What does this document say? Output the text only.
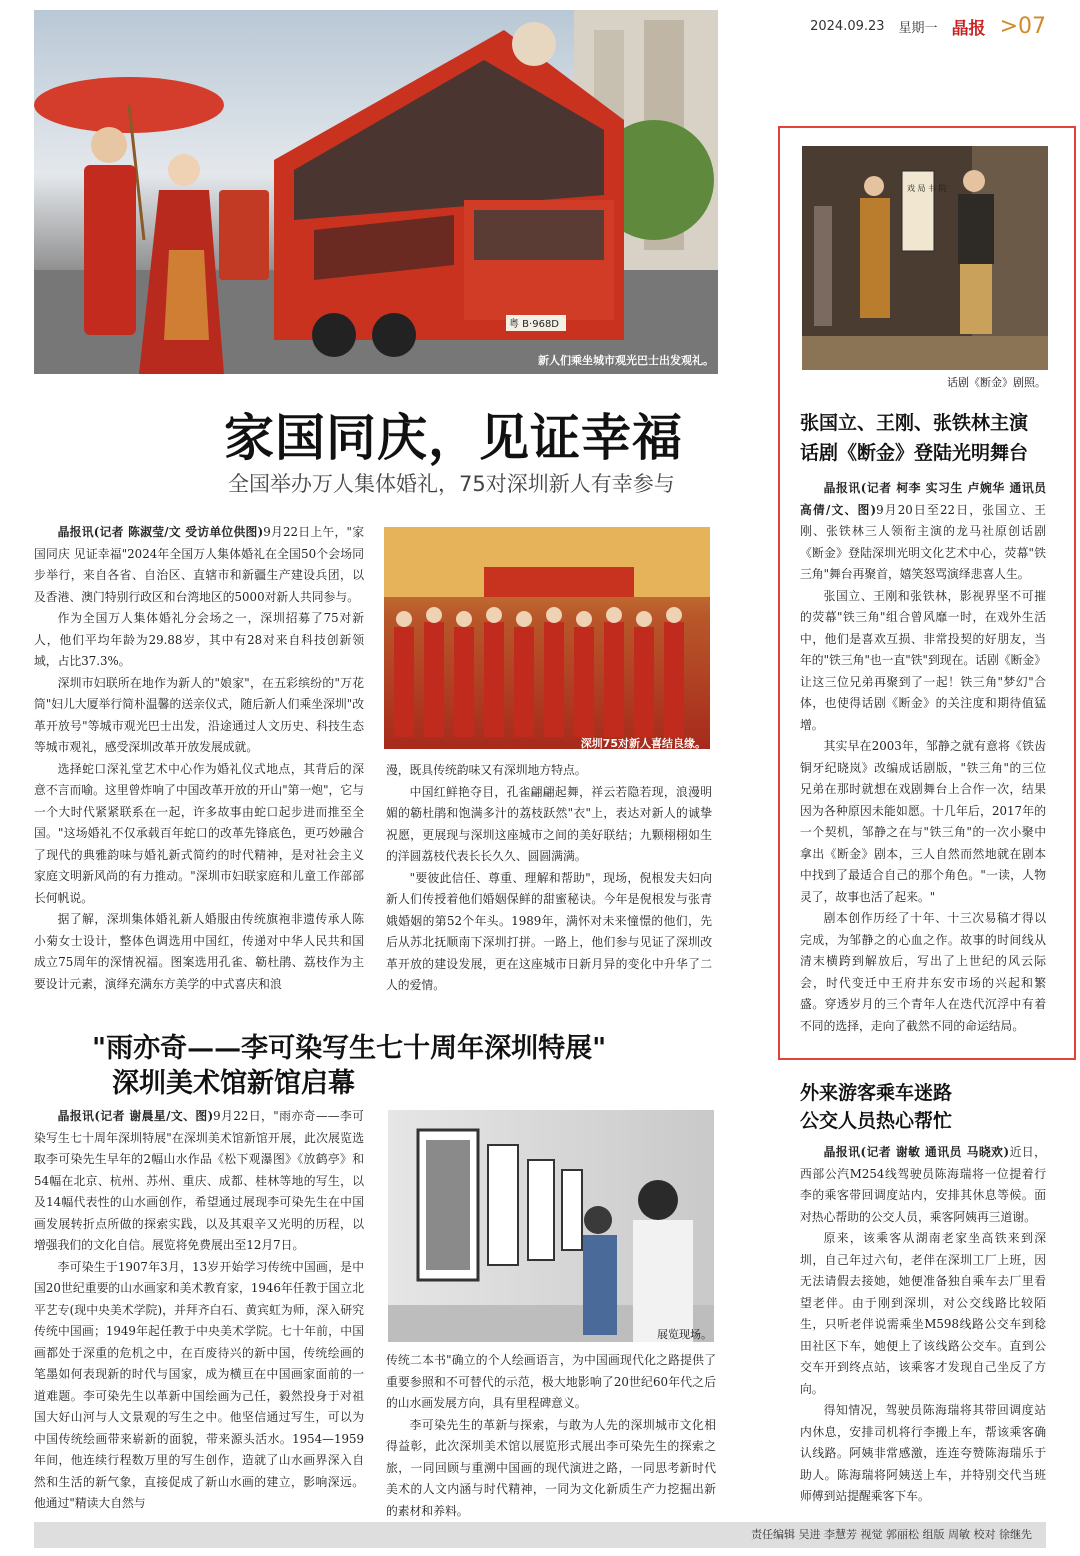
2024.09.23 星期一 晶报 >07
粤 B·968D
新人们乘坐城市观光巴士出发观礼。
家国同庆，见证幸福
全国举办万人集体婚礼，75对深圳新人有幸参与

晶报讯(记者 陈淑莹/文 受访单位供图)9月22日上午，"家国同庆 见证幸福"2024年全国万人集体婚礼在全国50个会场同步举行，来自各省、自治区、直辖市和新疆生产建设兵团，以及香港、澳门特别行政区和台湾地区的5000对新人共同参与。

作为全国万人集体婚礼分会场之一，深圳招募了75对新人，他们平均年龄为29.88岁，其中有28对来自科技创新领域，占比37.3%。

深圳市妇联所在地作为新人的"娘家"，在五彩缤纷的"万花筒"妇儿大厦举行简朴温馨的送亲仪式，随后新人们乘坐深圳"改革开放号"等城市观光巴士出发，沿途通过人文历史、科技生态等城市观礼，感受深圳改革开放发展成就。

选择蛇口深礼堂艺术中心作为婚礼仪式地点，其背后的深意不言而喻。这里曾炸响了中国改革开放的开山"第一炮"，它与一个大时代紧紧联系在一起，许多故事由蛇口起步进而推至全国。"这场婚礼不仅承载百年蛇口的改革先锋底色，更巧妙融合了现代的典雅韵味与婚礼新式简约的时代精神，是对社会主义家庭文明新风尚的有力推动。"深圳市妇联家庭和儿童工作部部长何帆说。

据了解，深圳集体婚礼新人婚服由传统旗袍非遗传承人陈小菊女士设计，整体色调选用中国红，传递对中华人民共和国成立75周年的深情祝福。图案选用孔雀、簕杜鹃、荔枝作为主要设计元素，演绎充满东方美学的中式喜庆和浪

深圳75对新人喜结良缘。

漫，既具传统韵味又有深圳地方特点。

中国红鲜艳夺目，孔雀翩翩起舞，祥云若隐若现，浪漫明媚的簕杜鹃和饱满多汁的荔枝跃然"衣"上，表达对新人的诚挚祝愿，更展现与深圳这座城市之间的美好联结；九颗栩栩如生的洋圆荔枝代表长长久久、圆圆满满。

"要彼此信任、尊重、理解和帮助"，现场，倪根发夫妇向新人们传授着他们婚姻保鲜的甜蜜秘诀。今年是倪根发与张青娥婚姻的第52个年头。1989年，满怀对未来憧憬的他们，先后从苏北抚顺南下深圳打拼。一路上，他们参与见证了深圳改革开放的建设发展，更在这座城市日新月异的变化中升华了二人的爱情。

"雨亦奇——李可染写生七十周年深圳特展"
深圳美术馆新馆启幕

晶报讯(记者 谢晨星/文、图)9月22日，"雨亦奇——李可染写生七十周年深圳特展"在深圳美术馆新馆开展，此次展览选取李可染先生早年的2幅山水作品《松下观瀑图》《放鹤亭》和54幅在北京、杭州、苏州、重庆、成都、桂林等地的写生，以及14幅代表性的山水画创作，希望通过展现李可染先生在中国画发展转折点所做的探索实践，以及其艰辛又光明的历程，以增强我们的文化自信。展览将免费展出至12月7日。

李可染生于1907年3月，13岁开始学习传统中国画，是中国20世纪重要的山水画家和美术教育家，1946年任教于国立北平艺专(现中央美术学院)，并拜齐白石、黄宾虹为师，深入研究传统中国画；1949年起任教于中央美术学院。七十年前，中国画都处于深重的危机之中，在百废待兴的新中国，传统绘画的笔墨如何表现新的时代与国家，成为横亘在中国画家面前的一道难题。李可染先生以革新中国绘画为己任，毅然投身于对祖国大好山河与人文景观的写生之中。他坚信通过写生，可以为中国传统绘画带来崭新的面貌，带来源头活水。1954—1959年间，他连续行程数万里的写生创作，造就了山水画界深入自然和生活的新气象，直接促成了新山水画的建立，影响深远。他通过"精读大自然与

展览现场。

传统二本书"确立的个人绘画语言，为中国画现代化之路提供了重要参照和不可替代的示范，极大地影响了20世纪60年代之后的山水画发展方向，具有里程碑意义。

李可染先生的革新与探索，与敢为人先的深圳城市文化相得益彰，此次深圳美术馆以展览形式展出李可染先生的探索之旅，一同回顾与重溯中国画的现代演进之路，一同思考新时代美术的人文内涵与时代精神，一同为文化新质生产力挖掘出新的素材和养料。

戏 局 书 院
话剧《断金》剧照。
张国立、王刚、张铁林主演
话剧《断金》登陆光明舞台

晶报讯(记者 柯李 实习生 卢婉华 通讯员 高倩/文、图)9月20日至22日，张国立、王刚、张铁林三人领衔主演的龙马社原创话剧《断金》登陆深圳光明文化艺术中心，荧幕"铁三角"舞台再聚首，嬉笑怒骂演绎悲喜人生。

张国立、王刚和张铁林，影视界坚不可摧的荧幕"铁三角"组合曾风靡一时，在戏外生活中，他们是喜欢互损、非常投契的好朋友，当年的"铁三角"也一直"铁"到现在。话剧《断金》让这三位兄弟再聚到了一起！铁三角"梦幻"合体，也使得话剧《断金》的关注度和期待值猛增。

其实早在2003年，邹静之就有意将《铁齿铜牙纪晓岚》改编成话剧版，"铁三角"的三位兄弟在那时就想在戏剧舞台上合作一次，结果因为各种原因未能如愿。十几年后，2017年的一个契机，邹静之在与"铁三角"的一次小聚中拿出《断金》剧本，三人自然而然地就在剧本中找到了最适合自己的那个角色。"一读，人物灵了，故事也活了起来。"

剧本创作历经了十年、十三次易稿才得以完成，为邹静之的心血之作。故事的时间线从清末横跨到解放后，写出了上世纪的风云际会，时代变迁中王府井东安市场的兴起和繁盛。穿透岁月的三个青年人在迭代沉浮中有着不同的选择，走向了截然不同的命运结局。

外来游客乘车迷路
公交人员热心帮忙

晶报讯(记者 谢敏 通讯员 马晓欢)近日，西部公汽M254线驾驶员陈海瑞将一位提着行李的乘客带回调度站内，安排其休息等候。面对热心帮助的公交人员，乘客阿姨再三道谢。

原来，该乘客从湖南老家坐高铁来到深圳，自己年过六旬，老伴在深圳工厂上班，因无法请假去接她，她便准备独自乘车去厂里看望老伴。由于刚到深圳，对公交线路比较陌生，只听老伴说需乘坐M598线路公交车到稔田社区下车，她便上了该线路公交车。直到公交车开到终点站，该乘客才发现自己坐反了方向。

得知情况，驾驶员陈海瑞将其带回调度站内休息，安排司机将行李搬上车，帮该乘客确认线路。阿姨非常感激，连连夸赞陈海瑞乐于助人。陈海瑞将阿姨送上车，并特别交代当班师傅到站提醒乘客下车。

责任编辑 吴进 李慧芳 视觉 郭丽松 组版 周敏 校对 徐继先
